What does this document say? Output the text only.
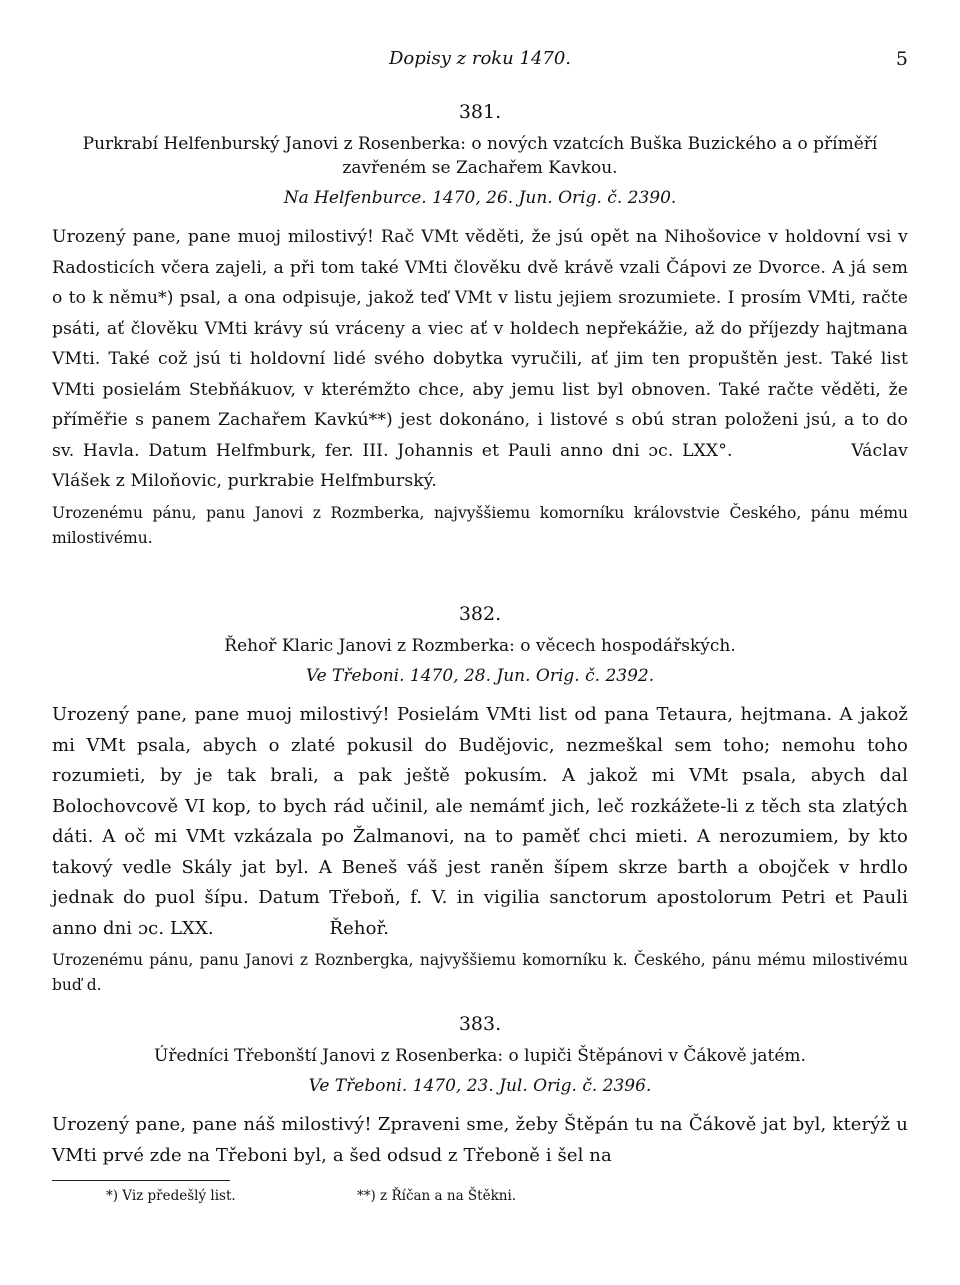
Dopisy z roku 1470.	5
381.
Purkrabí Helfenburský Janovi z Rosenberka: o nových vzatcích Buška Buzického a o příměří zavřeném se Zachařem Kavkou.
Na Helfenburce. 1470, 26. Jun. Orig. č. 2390.
Urozený pane, pane muoj milostivý! Rač VMt věděti, že jsú opět na Nihošovice v holdovní vsi v Radosticích včera zajeli, a při tom také VMti člověku dvě krávě vzali Čápovi ze Dvorce. A já sem o to k němu*) psal, a ona odpisuje, jakož teď VMt v listu jejiem srozumiete. I prosím VMti, račte psáti, ať člověku VMti krávy sú vráceny a viec ať v holdech nepřekážie, až do příjezdy hajtmana VMti. Také což jsú ti holdovní lidé svého dobytka vyručili, ať jim ten propuštěn jest. Také list VMti posielám Stebňákuov, v kterémžto chce, aby jemu list byl obnoven. Také račte věděti, že příměřie s panem Zachařem Kavkú**) jest dokonáno, i listové s obú stran položeni jsú, a to do sv. Havla. Datum Helfmburk, fer. III. Johannis et Pauli anno dni ɔc. LXX°.	Václav Vlášek z Miloňovic, purkrabie Helfmburský.
Urozenému pánu, panu Janovi z Rozmberka, najvyššiemu komorníku královstvie Českého, pánu mému milostivému.
382.
Řehoř Klaric Janovi z Rozmberka: o věcech hospodářských.
Ve Třeboni. 1470, 28. Jun. Orig. č. 2392.
Urozený pane, pane muoj milostivý! Posielám VMti list od pana Tetaura, hejtmana. A jakož mi VMt psala, abych o zlaté pokusil do Budějovic, nezmeškal sem toho; nemohu toho rozumieti, by je tak brali, a pak ještě pokusím. A jakož mi VMt psala, abych dal Bolochovcově VI kop, to bych rád učinil, ale nemámť jich, leč rozkážete-li z těch sta zlatých dáti. A oč mi VMt vzkázala po Žalmanovi, na to paměť chci mieti. A nerozumiem, by kto takový vedle Skály jat byl. A Beneš váš jest raněn šípem skrze barth a obojček v hrdlo jednak do puol šípu. Datum Třeboň, f. V. in vigilia sanctorum apostolorum Petri et Pauli anno dni ɔc. LXX.	Řehoř.
Urozenému pánu, panu Janovi z Roznbergka, najvyššiemu komorníku k. Českého, pánu mému milostivému buď d.
383.
Úředníci Třebonští Janovi z Rosenberka: o lupiči Štěpánovi v Čákově jatém.
Ve Třeboni. 1470, 23. Jul. Orig. č. 2396.
Urozený pane, pane náš milostivý! Zpraveni sme, žeby Štěpán tu na Čákově jat byl, kterýž u VMti prvé zde na Třeboni byl, a šed odsud z Třeboně i šel na
*) Viz předešlý list.	**) z Říčan a na Štěkni.
